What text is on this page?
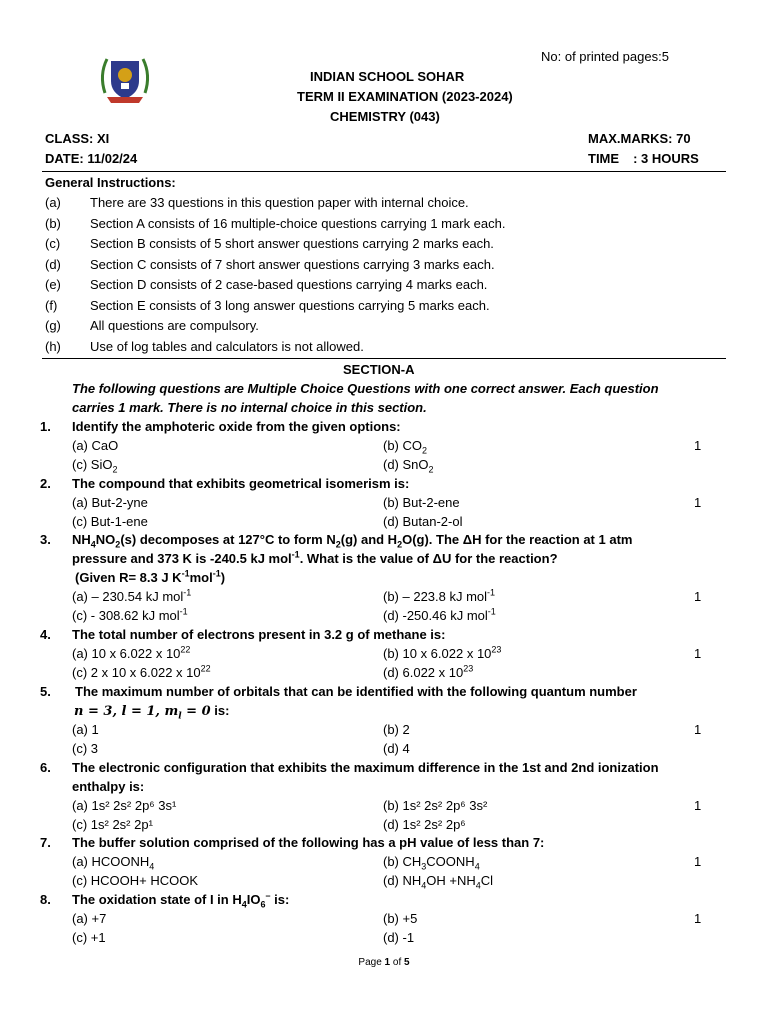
No: of printed pages:5
INDIAN SCHOOL SOHAR
TERM II EXAMINATION (2023-2024)
CHEMISTRY (043)
CLASS: XI
DATE: 11/02/24
MAX.MARKS: 70
TIME : 3 HOURS
General Instructions:
(a) There are 33 questions in this question paper with internal choice.
(b) Section A consists of 16 multiple-choice questions carrying 1 mark each.
(c) Section B consists of 5 short answer questions carrying 2 marks each.
(d) Section C consists of 7 short answer questions carrying 3 marks each.
(e) Section D consists of 2 case-based questions carrying 4 marks each.
(f)	Section E consists of 3 long answer questions carrying 5 marks each.
(g) All questions are compulsory.
(h) Use of log tables and calculators is not allowed.
SECTION-A
The following questions are Multiple Choice Questions with one correct answer. Each question
carries 1 mark. There is no internal choice in this section.
1. Identify the amphoteric oxide from the given options:
(a) CaO	(b) $CO_2$	1
(c) SiO$_2$	(d) SnO$_2$
2. The compound that exhibits geometrical isomerism is:
(a) But-2-yne	(b) But-2-ene	1
(c) But-1-ene	(d) Butan-2-ol
3. $NH_4NO_2(s)$ decomposes at 127°C to form $N_2(g)$ and $H_2O(g)$. The ΔH for the reaction at 1 atm
pressure and 373 K is -240.5 kJ mol$^{-1}$. What is the value of ΔU for the reaction?
(Given R= 8.3 J $K^{-1}mol^{-1}$)
(a) – 230.54 kJ mol$^{-1}$	(b) – 223.8 kJ mol$^{-1}$	1
(c) - 308.62 kJ mol$^{-1}$	(d) -250.46 kJ mol$^{-1}$
4. The total number of electrons present in 3.2 g of methane is:
(a) 10 x 6.022 x $10^{22}$	(b) 10 x 6.022 x $10^{23}$	1
(c) 2 x 10 x 6.022 x $10^{22}$	(d) 6.022 x $10^{23}$
5. The maximum number of orbitals that can be identified with the following quantum number
n = 3, l = 1, $m_l = 0$ is:
(a) 1	(b) 2	1
(c) 3	(d) 4
6. The electronic configuration that exhibits the maximum difference in the 1st and 2nd ionization
enthalpy is:
(a) 1s² 2s² 2p⁶ 3s¹	(b) 1s² 2s² 2p⁶ 3s²	1
(c) 1s² 2s² 2p¹	(d) 1s² 2s² 2p⁶
7. The buffer solution comprised of the following has a pH value of less than 7:
(a) $HCOONH_4$	(b) $CH_3COONH_4$	1
(c) HCOOH+ HCOOK	(d) $NH_4OH +NH_4Cl$
8. The oxidation state of I in $H_4IO_6^-$ is:
(a) +7	(b) +5	1
(c) +1	(d) -1
Page 1 of 5
